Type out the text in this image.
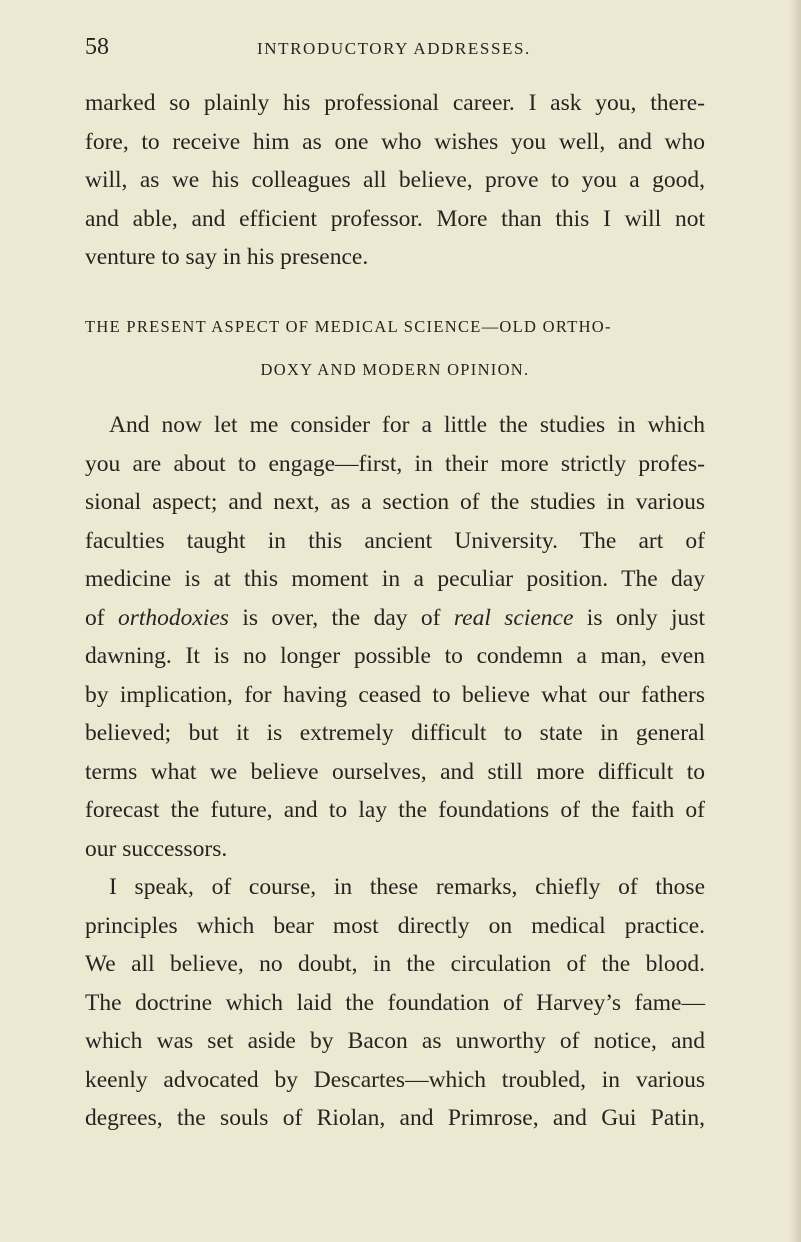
58	INTRODUCTORY ADDRESSES.
marked so plainly his professional career. I ask you, there-
fore, to receive him as one who wishes you well, and who
will, as we his colleagues all believe, prove to you a good,
and able, and efficient professor. More than this I will not
venture to say in his presence.
THE PRESENT ASPECT OF MEDICAL SCIENCE—OLD ORTHO-
DOXY AND MODERN OPINION.
And now let me consider for a little the studies in which
you are about to engage—first, in their more strictly profes-
sional aspect; and next, as a section of the studies in various
faculties taught in this ancient University. The art of
medicine is at this moment in a peculiar position. The day
of orthodoxies is over, the day of real science is only just
dawning. It is no longer possible to condemn a man, even
by implication, for having ceased to believe what our fathers
believed; but it is extremely difficult to state in general
terms what we believe ourselves, and still more difficult to
forecast the future, and to lay the foundations of the faith of
our successors.
I speak, of course, in these remarks, chiefly of those
principles which bear most directly on medical practice.
We all believe, no doubt, in the circulation of the blood.
The doctrine which laid the foundation of Harvey’s fame—
which was set aside by Bacon as unworthy of notice, and
keenly advocated by Descartes—which troubled, in various
degrees, the souls of Riolan, and Primrose, and Gui Patin,
